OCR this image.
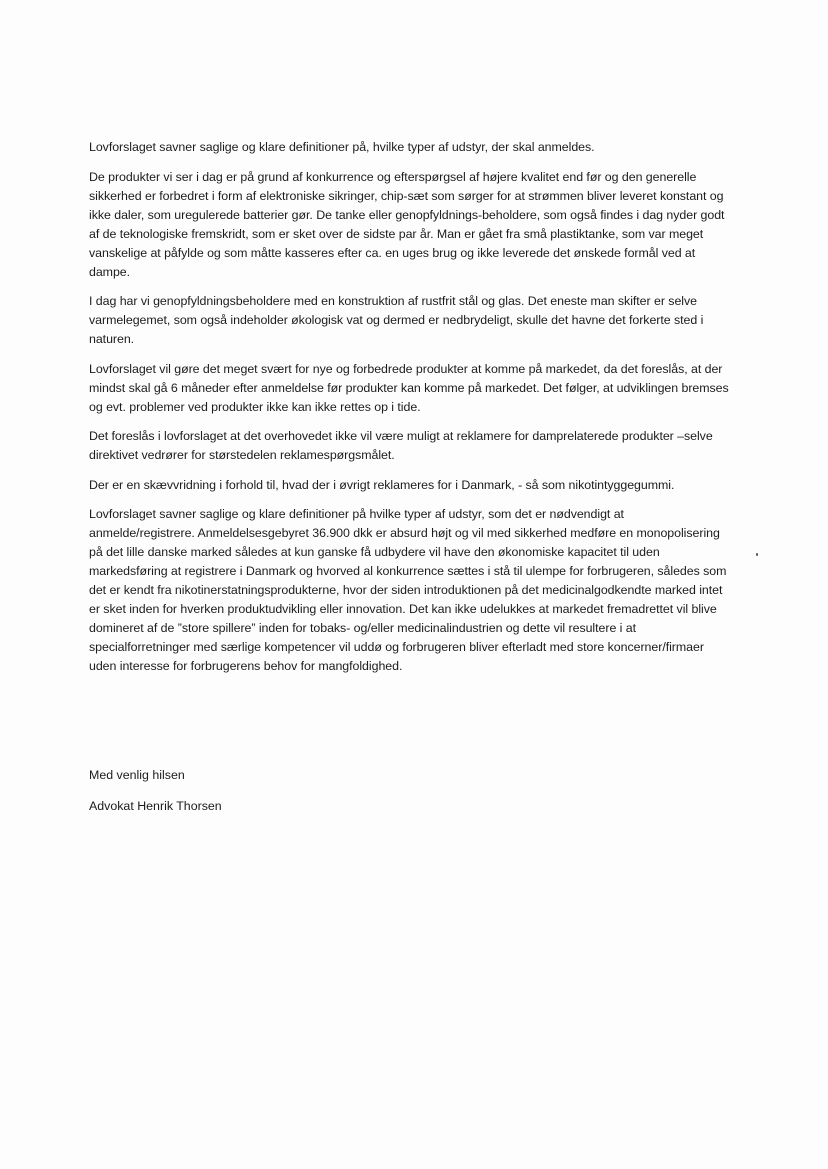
Lovforslaget savner saglige og klare definitioner på, hvilke typer af udstyr, der skal anmeldes.

De produkter vi ser i dag er på grund af konkurrence og efterspørgsel af højere kvalitet end før og den generelle sikkerhed er forbedret i form af elektroniske sikringer, chip-sæt som sørger for at strømmen bliver leveret konstant og ikke daler, som uregulerede batterier gør. De tanke eller genopfyldnings-beholdere, som også findes i dag nyder godt af de teknologiske fremskridt, som er sket over de sidste par år. Man er gået fra små plastiktanke, som var meget vanskelige at påfylde og som måtte kasseres efter ca. en uges brug og ikke leverede det ønskede formål ved at dampe.

I dag har vi genopfyldningsbeholdere med en konstruktion af rustfrit stål og glas. Det eneste man skifter er selve varmelegemet, som også indeholder økologisk vat og dermed er nedbrydeligt, skulle det havne det forkerte sted i naturen.

Lovforslaget vil gøre det meget svært for nye og forbedrede produkter at komme på markedet, da det foreslås, at der mindst skal gå 6 måneder efter anmeldelse før produkter kan komme på markedet. Det følger, at udviklingen bremses og evt. problemer ved produkter ikke kan ikke rettes op i tide.

Det foreslås i lovforslaget at det overhovedet ikke vil være muligt at reklamere for damprelaterede produkter –selve direktivet vedrører for størstedelen reklamespørgsmålet.

Der er en skævvridning i forhold til, hvad der i øvrigt reklameres for i Danmark, - så som nikotintyggegummi.

Lovforslaget savner saglige og klare definitioner på hvilke typer af udstyr, som det er nødvendigt at anmelde/registrere. Anmeldelsesgebyret 36.900 dkk er absurd højt og vil med sikkerhed medføre en monopolisering på det lille danske marked således at kun ganske få udbydere vil have den økonomiske kapacitet til uden markedsføring at registrere i Danmark og hvorved al konkurrence sættes i stå til ulempe for forbrugeren, således som det er kendt fra nikotinerstatningsprodukterne, hvor der siden introduktionen på det medicinalgodkendte marked intet er sket inden for hverken produktudvikling eller innovation. Det kan ikke udelukkes at markedet fremadrettet vil blive domineret af de ”store spillere” inden for tobaks- og/eller medicinalindustrien og dette vil resultere i at specialforretninger med særlige kompetencer vil uddø og forbrugeren bliver efterladt med store koncerner/firmaer uden interesse for forbrugerens behov for mangfoldighed.

Med venlig hilsen

Advokat Henrik Thorsen
